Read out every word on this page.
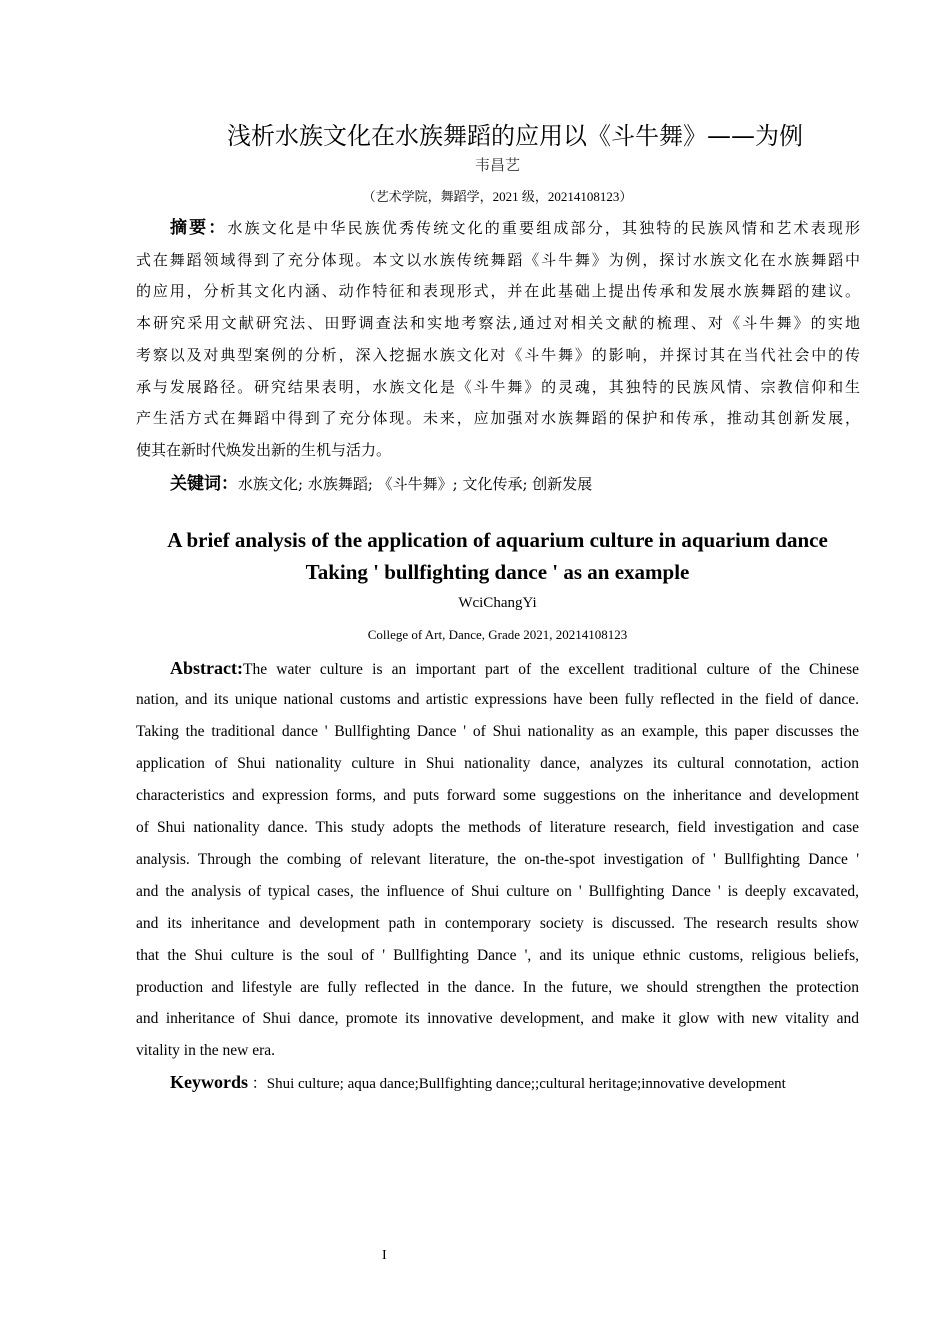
浅析水族文化在水族舞蹈的应用以《斗牛舞》——为例
韦昌艺
（艺术学院，舞蹈学，2021 级，20214108123）
关键词：水族文化; 水族舞蹈; 《斗牛舞》; 文化传承; 创新发展
A brief analysis of the application of aquarium culture in aquarium dance
Taking ' bullfighting dance ' as an example
WciChangYi
College of Art, Dance, Grade 2021, 20214108123
Keywords ：Shui culture; aqua dance;Bullfighting dance;;cultural heritage;innovative development
I
摘要：水族文化是中华民族优秀传统文化的重要组成部分，其独特的民族风情和艺术表现形
式在舞蹈领域得到了充分体现。本文以水族传统舞蹈《斗牛舞》为例，探讨水族文化在水族舞蹈中
的应用，分析其文化内涵、动作特征和表现形式，并在此基础上提出传承和发展水族舞蹈的建议。
本研究采用文献研究法、田野调查法和实地考察法,通过对相关文献的梳理、对《斗牛舞》的实地
考察以及对典型案例的分析，深入挖掘水族文化对《斗牛舞》的影响，并探讨其在当代社会中的传
承与发展路径。研究结果表明，水族文化是《斗牛舞》的灵魂，其独特的民族风情、宗教信仰和生
产生活方式在舞蹈中得到了充分体现。未来，应加强对水族舞蹈的保护和传承，推动其创新发展，
使其在新时代焕发出新的生机与活力。
Abstract:The water culture is an important part of the excellent traditional culture of the Chinese
nation, and its unique national customs and artistic expressions have been fully reflected in the field of dance.
Taking the traditional dance ' Bullfighting Dance ' of Shui nationality as an example, this paper discusses the
application of Shui nationality culture in Shui nationality dance, analyzes its cultural connotation, action
characteristics and expression forms, and puts forward some suggestions on the inheritance and development
of Shui nationality dance. This study adopts the methods of literature research, field investigation and case
analysis. Through the combing of relevant literature, the on-the-spot investigation of ' Bullfighting Dance '
and the analysis of typical cases, the influence of Shui culture on ' Bullfighting Dance ' is deeply excavated,
and its inheritance and development path in contemporary society is discussed. The research results show
that the Shui culture is the soul of ' Bullfighting Dance ', and its unique ethnic customs, religious beliefs,
production and lifestyle are fully reflected in the dance. In the future, we should strengthen the protection
and inheritance of Shui dance, promote its innovative development, and make it glow with new vitality and
vitality in the new era.
